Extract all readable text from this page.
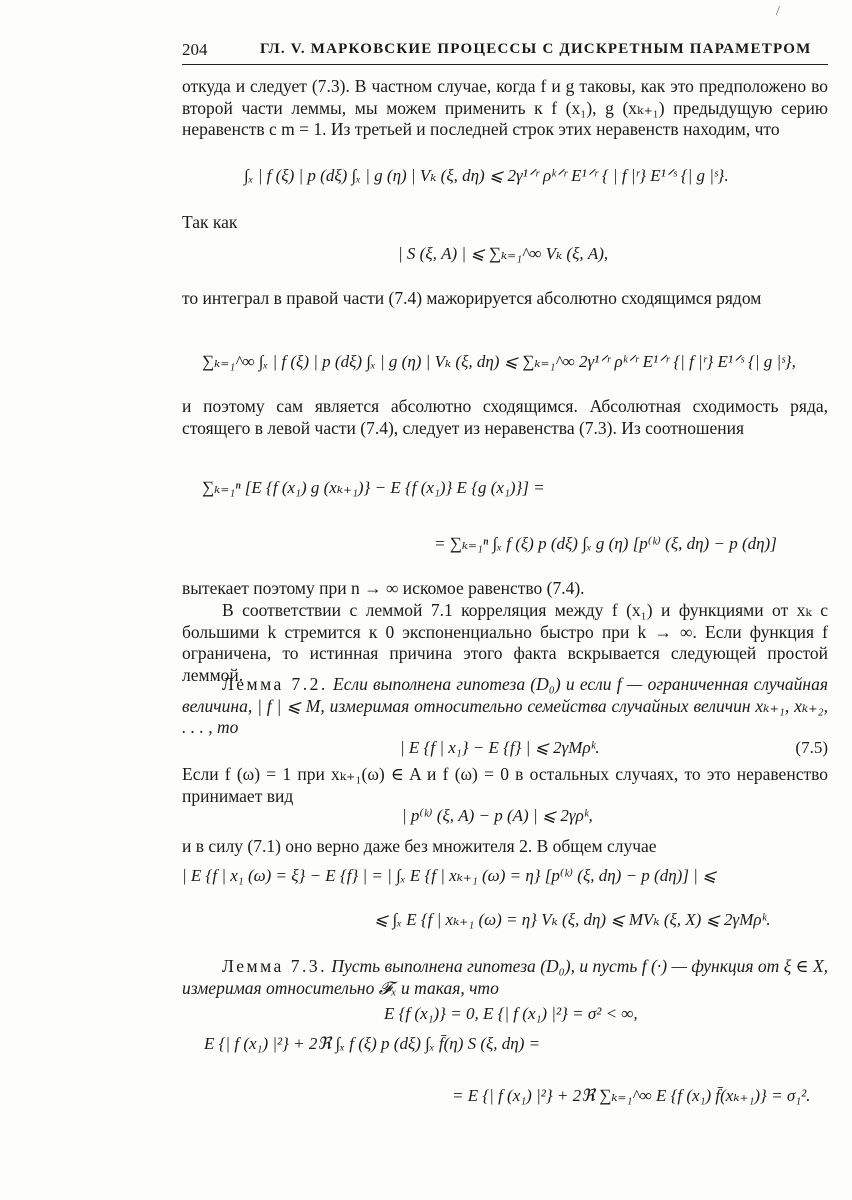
/
204	ГЛ. V. МАРКОВСКИЕ ПРОЦЕССЫ С ДИСКРЕТНЫМ ПАРАМЕТРОМ
откуда и следует (7.3). В частном случае, когда f и g таковы, как это предположено во второй части леммы, мы можем применить к f (x₁), g (xₖ₊₁) предыдущую серию неравенств с m = 1. Из третьей и последней строк этих неравенств находим, что
∫ₓ | f (ξ) | p (dξ) ∫ₓ | g (η) | Vₖ (ξ, dη) ⩽ 2γ¹ᐟʳ ρᵏᐟʳ E¹ᐟʳ { | f |ʳ} E¹ᐟˢ {| g |ˢ}.
Так как
| S (ξ, A) | ⩽ ∑ₖ₌₁^∞ Vₖ (ξ, A),
то интеграл в правой части (7.4) мажорируется абсолютно сходящимся рядом
∑ₖ₌₁^∞ ∫ₓ | f (ξ) | p (dξ) ∫ₓ | g (η) | Vₖ (ξ, dη) ⩽ ∑ₖ₌₁^∞ 2γ¹ᐟʳ ρᵏᐟʳ E¹ᐟʳ {| f |ʳ} E¹ᐟˢ {| g |ˢ},
и поэтому сам является абсолютно сходящимся. Абсолютная сходимость ряда, стоящего в левой части (7.4), следует из неравенства (7.3). Из соотношения
∑ₖ₌₁ⁿ [E {f (x₁) g (xₖ₊₁)} − E {f (x₁)} E {g (x₁)}] =
= ∑ₖ₌₁ⁿ ∫ₓ f (ξ) p (dξ) ∫ₓ g (η) [p⁽ᵏ⁾ (ξ, dη) − p (dη)]
вытекает поэтому при n → ∞ искомое равенство (7.4).
В соответствии с леммой 7.1 корреляция между f (x₁) и функциями от xₖ с большими k стремится к 0 экспоненциально быстро при k → ∞. Если функция f ограничена, то истинная причина этого факта вскрывается следующей простой леммой.
Лемма 7.2. Если выполнена гипотеза (D₀) и если f — ограниченная случайная величина, | f | ⩽ M, измеримая относительно семейства случайных величин xₖ₊₁, xₖ₊₂, . . . , то
| E {f | x₁} − E {f} | ⩽ 2γMρᵏ.	(7.5)
Если f (ω) = 1 при xₖ₊₁(ω) ∈ A и f (ω) = 0 в остальных случаях, то это неравенство принимает вид
| p⁽ᵏ⁾ (ξ, A) − p (A) | ⩽ 2γρᵏ,
и в силу (7.1) оно верно даже без множителя 2. В общем случае
| E {f | x₁ (ω) = ξ} − E {f} | = | ∫ₓ E {f | xₖ₊₁ (ω) = η} [p⁽ᵏ⁾ (ξ, dη) − p (dη)] | ⩽
⩽ ∫ₓ E {f | xₖ₊₁ (ω) = η} Vₖ (ξ, dη) ⩽ MVₖ (ξ, X) ⩽ 2γMρᵏ.
Лемма 7.3. Пусть выполнена гипотеза (D₀), и пусть f (·) — функция от ξ ∈ X, измеримая относительно 𝓕ₓ и такая, что
E {f (x₁)} = 0, E {| f (x₁) |²} = σ² < ∞,
E {| f (x₁) |²} + 2ℜ ∫ₓ f (ξ) p (dξ) ∫ₓ f̄(η) S (ξ, dη) =
= E {| f (x₁) |²} + 2ℜ ∑ₖ₌₁^∞ E {f (x₁) f̄(xₖ₊₁)} = σ₁².
